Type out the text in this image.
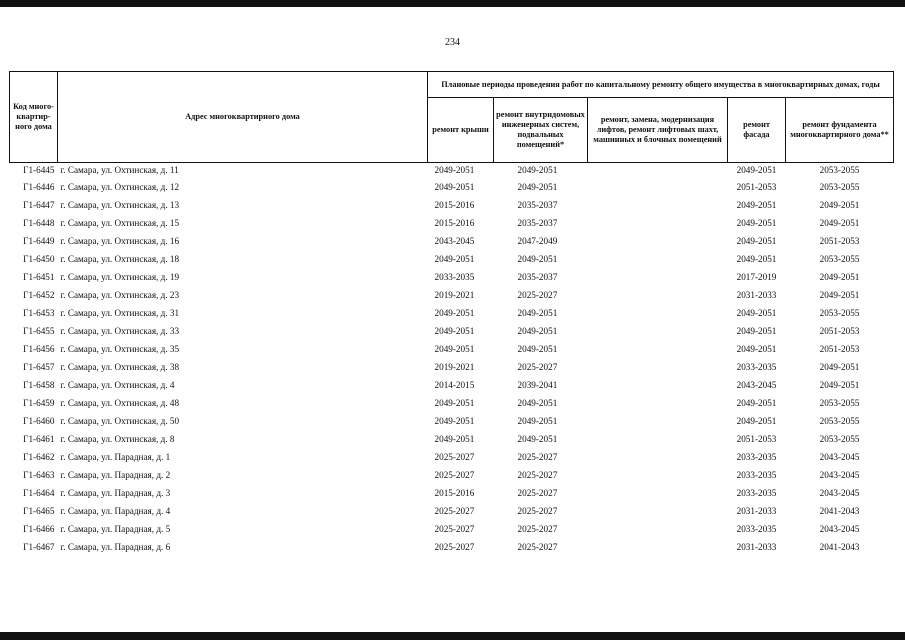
234
Код много-квартир-ного дома	Адрес многоквартирного дома	Плановые периоды проведения работ по капитальному ремонту общего имущества в многоквартирных домах, годы				
		ремонт крыши	ремонт внутридомовых инженерных систем, подвальных помещений*	ремонт, замена, модернизация лифтов, ремонт лифтовых шахт, машинных и блочных помещений	ремонт фасада	ремонт фундамента многоквартирного дома**
Г1-6445	г. Самара, ул. Охтинская, д. 11	2049-2051	2049-2051		2049-2051	2053-2055
Г1-6446	г. Самара, ул. Охтинская, д. 12	2049-2051	2049-2051		2051-2053	2053-2055
Г1-6447	г. Самара, ул. Охтинская, д. 13	2015-2016	2035-2037		2049-2051	2049-2051
Г1-6448	г. Самара, ул. Охтинская, д. 15	2015-2016	2035-2037		2049-2051	2049-2051
Г1-6449	г. Самара, ул. Охтинская, д. 16	2043-2045	2047-2049		2049-2051	2051-2053
Г1-6450	г. Самара, ул. Охтинская, д. 18	2049-2051	2049-2051		2049-2051	2053-2055
Г1-6451	г. Самара, ул. Охтинская, д. 19	2033-2035	2035-2037		2017-2019	2049-2051
Г1-6452	г. Самара, ул. Охтинская, д. 23	2019-2021	2025-2027		2031-2033	2049-2051
Г1-6453	г. Самара, ул. Охтинская, д. 31	2049-2051	2049-2051		2049-2051	2053-2055
Г1-6455	г. Самара, ул. Охтинская, д. 33	2049-2051	2049-2051		2049-2051	2051-2053
Г1-6456	г. Самара, ул. Охтинская, д. 35	2049-2051	2049-2051		2049-2051	2051-2053
Г1-6457	г. Самара, ул. Охтинская, д. 38	2019-2021	2025-2027		2033-2035	2049-2051
Г1-6458	г. Самара, ул. Охтинская, д. 4	2014-2015	2039-2041		2043-2045	2049-2051
Г1-6459	г. Самара, ул. Охтинская, д. 48	2049-2051	2049-2051		2049-2051	2053-2055
Г1-6460	г. Самара, ул. Охтинская, д. 50	2049-2051	2049-2051		2049-2051	2053-2055
Г1-6461	г. Самара, ул. Охтинская, д. 8	2049-2051	2049-2051		2051-2053	2053-2055
Г1-6462	г. Самара, ул. Парадная, д. 1	2025-2027	2025-2027		2033-2035	2043-2045
Г1-6463	г. Самара, ул. Парадная, д. 2	2025-2027	2025-2027		2033-2035	2043-2045
Г1-6464	г. Самара, ул. Парадная, д. 3	2015-2016	2025-2027		2033-2035	2043-2045
Г1-6465	г. Самара, ул. Парадная, д. 4	2025-2027	2025-2027		2031-2033	2041-2043
Г1-6466	г. Самара, ул. Парадная, д. 5	2025-2027	2025-2027		2033-2035	2043-2045
Г1-6467	г. Самара, ул. Парадная, д. 6	2025-2027	2025-2027		2031-2033	2041-2043
